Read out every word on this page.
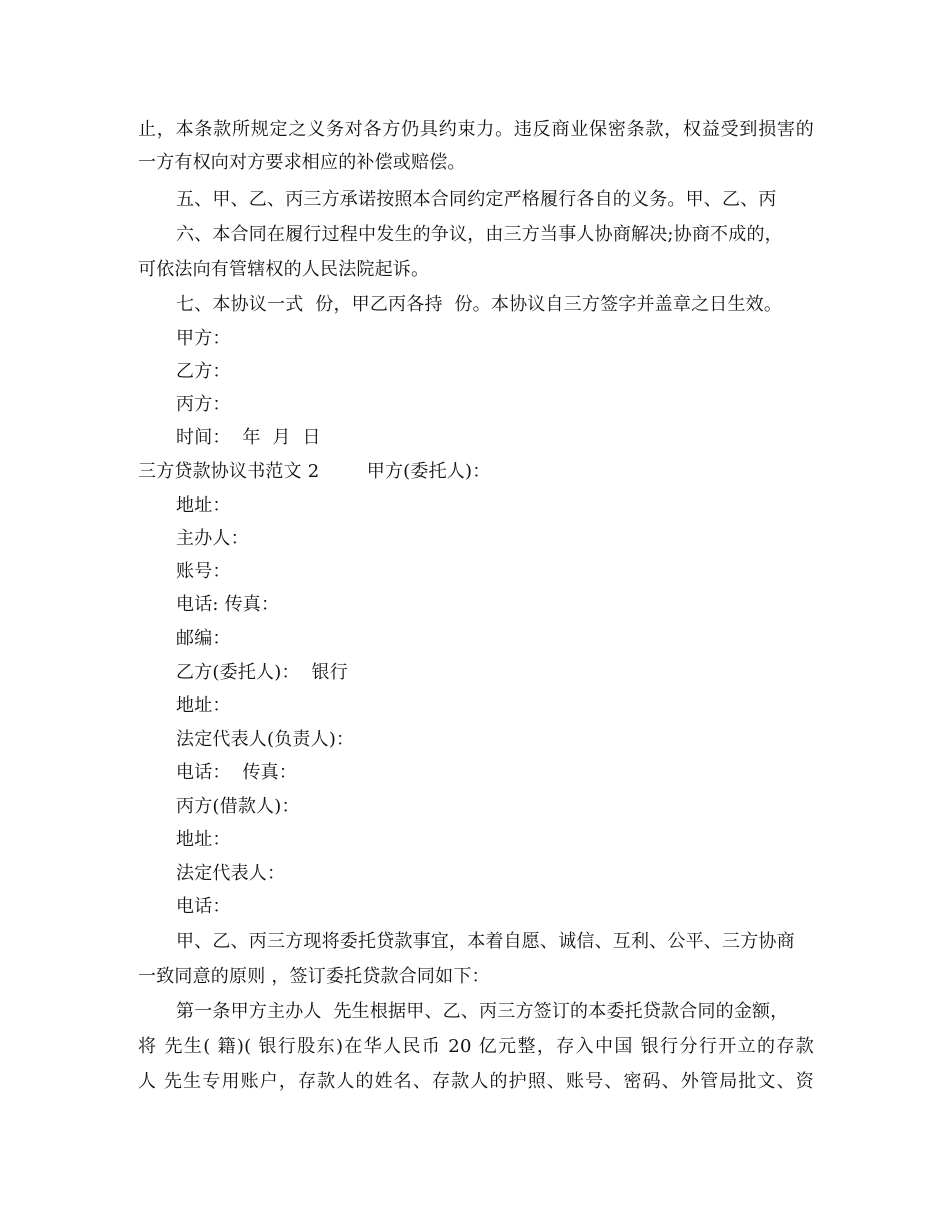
止，本条款所规定之义务对各方仍具约束力。违反商业保密条款，权益受到损害的
一方有权向对方要求相应的补偿或赔偿。
五、甲、乙、丙三方承诺按照本合同约定严格履行各自的义务。甲、乙、丙
六、本合同在履行过程中发生的争议，由三方当事人协商解决;协商不成的，
可依法向有管辖权的人民法院起诉。
七、本协议一式  份，甲乙丙各持  份。本协议自三方签字并盖章之日生效。
甲方：
乙方：
丙方：
时间：  年  月  日
三方贷款协议书范文 2        甲方(委托人)：
地址：
主办人：
账号：
电话: 传真：
邮编：
乙方(委托人)：  银行
地址：
法定代表人(负责人)：
电话：  传真：
丙方(借款人)：
地址：
法定代表人：
电话：
甲、乙、丙三方现将委托贷款事宜，本着自愿、诚信、互利、公平、三方协商
一致同意的原则 ，签订委托贷款合同如下：
第一条甲方主办人  先生根据甲、乙、丙三方签订的本委托贷款合同的金额，
将 先生( 籍)( 银行股东)在华人民币 20 亿元整，存入中国 银行分行开立的存款
人 先生专用账户，存款人的姓名、存款人的护照、账号、密码、外管局批文、资
